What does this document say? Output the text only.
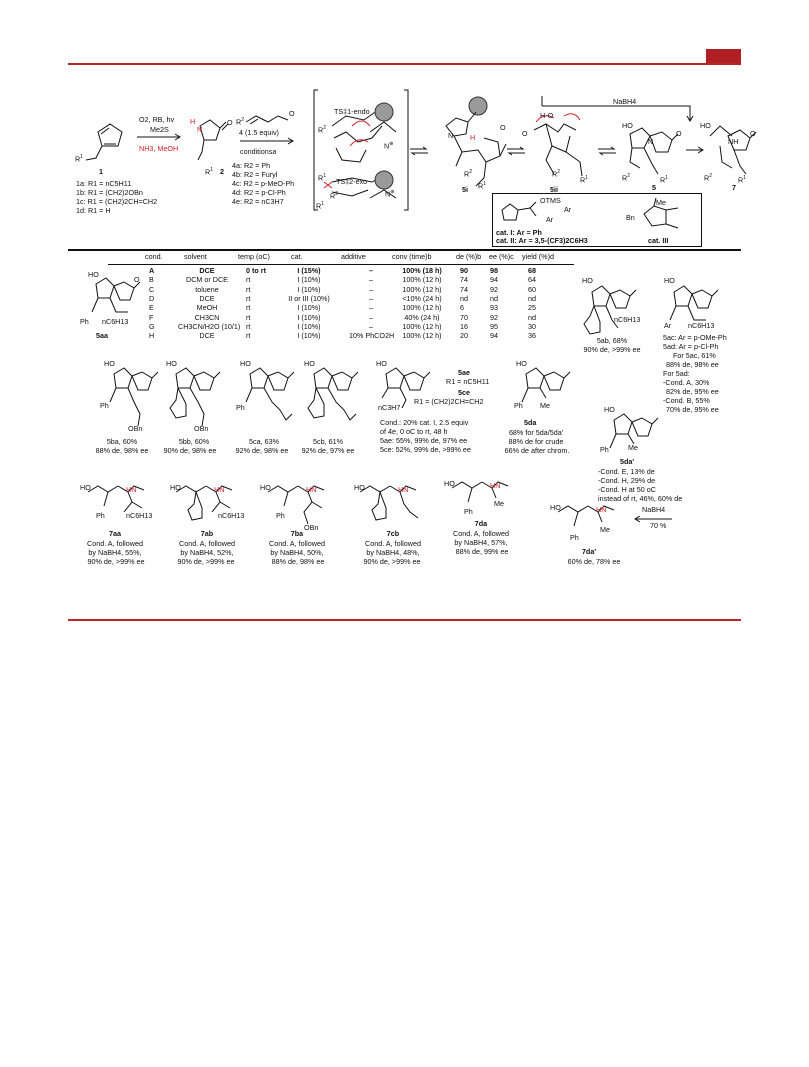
$R^1$
1
1a: R1 = nC5H11
1b: R1 = (CH2)2OBn
1c: R1 = (CH2)2CH=CH2
1d: R1 = H
O2, RB, hv
Me2S
NH3, MeOH
H
N
O
$R^1$ 2
$R^2$
O
4 (1.5 equiv)
conditionsa
4a: R2 = Ph
4b: R2 = Furyl
4c: R2 = p-MeO-Ph
4d: R2 = p-Cl-Ph
4e: R2 = nC3H7
TS‡1-endo
TS‡2-exo
$R^2$
$R^1$
$R^2$
$R^1$
N⊕
N⊕
N H
$R^2$
$R^1$
O
5i
H-O
O
$R^2$
$R^1$
5ii
NaBH4
HO
N
O
$R^2$	$R^1$
5
HO
NH
O
$R^2$	$R^1$
7
OTMS
Ar
Ar
cat. I: Ar = Ph
cat. II: Ar = 3,5-(CF3)2C6H3
Bn
Me
cat. III
cond.	solvent	temp (oC)	cat.	additive	conv (time)b	de (%)b ee (%)c yield (%)d
A	DCE	0 to rt	I (15%)	–	100% (18 h)	90	98	68
B	DCM or DCE	rt	I (10%)	–	100% (12 h)	74	94	64
C	toluene	rt	I (10%)	–	100% (12 h)	74	92	60
D	DCE	rt	II or III (10%)	–	<10% (24 h)	nd	nd	nd
E	MeOH	rt	I (10%)	–	100% (12 h)	6	93	25
F	CH3CN	rt	I (10%)	–	40% (24 h)	70	92	nd
G	CH3CN/H2O (10/1) rt	I (10%)	–	100% (12 h)	16	95	30
H	DCE	rt	I (10%)	10% PhCO2H	100% (12 h)	20	94	36
HO
O
Ph nC6H13
5aa
HO
nC6H13
5ab, 68%
90% de, >99% ee
HO
Ar nC6H13
5ac: Ar = p-OMe-Ph
5ad: Ar = p-Cl-Ph
For 5ac, 61%
88% de, 98% ee
For 5ad:
-Cond. A, 30%
82% de, 95% ee
-Cond. B, 55%
70% de, 95% ee
HO
Ph
OBn
5ba, 60%
88% de, 98% ee
HO
OBn
5bb, 60%
90% de, 98% ee
HO
Ph
5ca, 63%
92% de, 98% ee
HO
5cb, 61%
92% de, 97% ee
HO
nC3H7
5ae
R1 = nC5H11
5ce
R1 = (CH2)2CH=CH2
Cond.: 20% cat. I, 2.5 equiv
of 4e, 0 oC to rt, 48 h
5ae: 55%, 99% de, 97% ee
5ce: 52%, 99% de, >99% ee
HO
Ph Me
5da
68% for 5da/5da'
88% de for crude
66% de after chrom.
HO
Ph	Me
5da'
-Cond. E, 13% de
-Cond. H, 29% de
-Cond. H at 50 oC
instead of rt, 46%, 60% de
HO	HN
Ph	nC6H13
7aa
Cond. A, followed
by NaBH4, 55%,
90% de, >99% ee
HO	HN
nC6H13
7ab
Cond. A, followed
by NaBH4, 52%,
90% de, >99% ee
HO	HN
Ph
OBn
7ba
Cond. A, followed
by NaBH4, 50%,
88% de, 98% ee
HO	HN
7cb
Cond. A, followed
by NaBH4, 48%,
90% de, >99% ee
HO	HN
Ph
Me
7da
Cond. A, followed
by NaBH4, 57%,
88% de, 99% ee
HO	HN
Ph
Me
7da'
60% de, 78% ee
NaBH4
70 %
